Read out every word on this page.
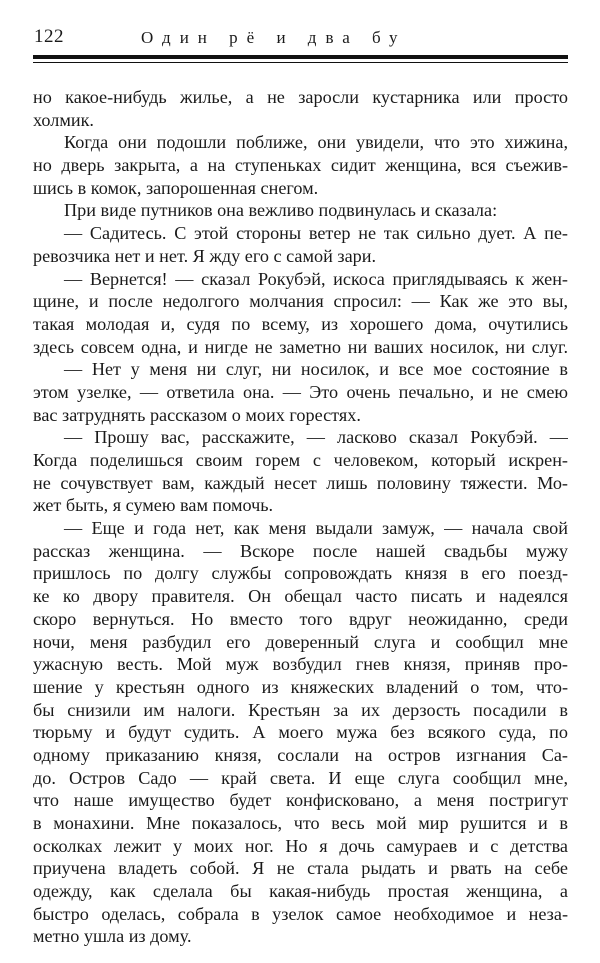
122	Один рё и два бу
но какое-нибудь жилье, а не заросли кустарника или просто
холмик.
Когда они подошли поближе, они увидели, что это хижина,
но дверь закрыта, а на ступеньках сидит женщина, вся съежив-
шись в комок, запорошенная снегом.
При виде путников она вежливо подвинулась и сказала:
— Садитесь. С этой стороны ветер не так сильно дует. А пе-
ревозчика нет и нет. Я жду его с самой зари.
— Вернется! — сказал Рокубэй, искоса приглядываясь к жен-
щине, и после недолгого молчания спросил: — Как же это вы,
такая молодая и, судя по всему, из хорошего дома, очутились
здесь совсем одна, и нигде не заметно ни ваших носилок, ни слуг.
— Нет у меня ни слуг, ни носилок, и все мое состояние в
этом узелке, — ответила она. — Это очень печально, и не смею
вас затруднять рассказом о моих горестях.
— Прошу вас, расскажите, — ласково сказал Рокубэй. —
Когда поделишься своим горем с человеком, который искрен-
не сочувствует вам, каждый несет лишь половину тяжести. Мо-
жет быть, я сумею вам помочь.
— Еще и года нет, как меня выдали замуж, — начала свой
рассказ женщина. — Вскоре после нашей свадьбы мужу
пришлось по долгу службы сопровождать князя в его поезд-
ке ко двору правителя. Он обещал часто писать и надеялся
скоро вернуться. Но вместо того вдруг неожиданно, среди
ночи, меня разбудил его доверенный слуга и сообщил мне
ужасную весть. Мой муж возбудил гнев князя, приняв про-
шение у крестьян одного из княжеских владений о том, что-
бы снизили им налоги. Крестьян за их дерзость посадили в
тюрьму и будут судить. А моего мужа без всякого суда, по
одному приказанию князя, сослали на остров изгнания Са-
до. Остров Садо — край света. И еще слуга сообщил мне,
что наше имущество будет конфисковано, а меня постригут
в монахини. Мне показалось, что весь мой мир рушится и в
осколках лежит у моих ног. Но я дочь самураев и с детства
приучена владеть собой. Я не стала рыдать и рвать на себе
одежду, как сделала бы какая-нибудь простая женщина, а
быстро оделась, собрала в узелок самое необходимое и неза-
метно ушла из дому.
